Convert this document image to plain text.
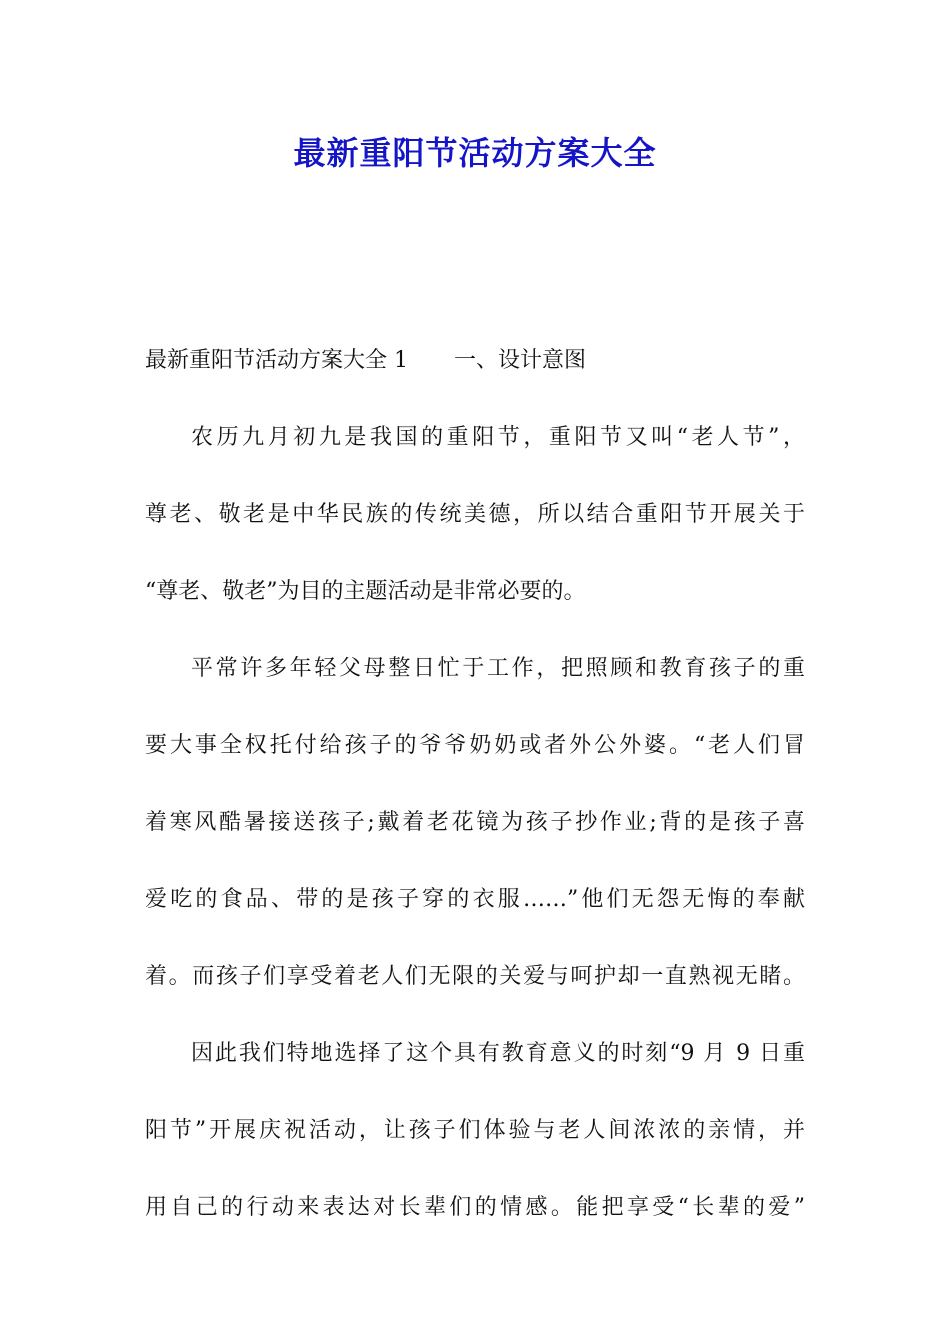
最新重阳节活动方案大全
最新重阳节活动方案大全 1 一、设计意图
农历九月初九是我国的重阳节，重阳节又叫“老人节”，
尊老、敬老是中华民族的传统美德，所以结合重阳节开展关于
“尊老、敬老”为目的主题活动是非常必要的。
平常许多年轻父母整日忙于工作，把照顾和教育孩子的重
要大事全权托付给孩子的爷爷奶奶或者外公外婆。“老人们冒
着寒风酷暑接送孩子;戴着老花镜为孩子抄作业;背的是孩子喜
爱吃的食品、带的是孩子穿的衣服……”他们无怨无悔的奉献
着。而孩子们享受着老人们无限的关爱与呵护却一直熟视无睹。
因此我们特地选择了这个具有教育意义的时刻“9 月 9 日重
阳节”开展庆祝活动，让孩子们体验与老人间浓浓的亲情，并
用自己的行动来表达对长辈们的情感。能把享受“长辈的爱”
